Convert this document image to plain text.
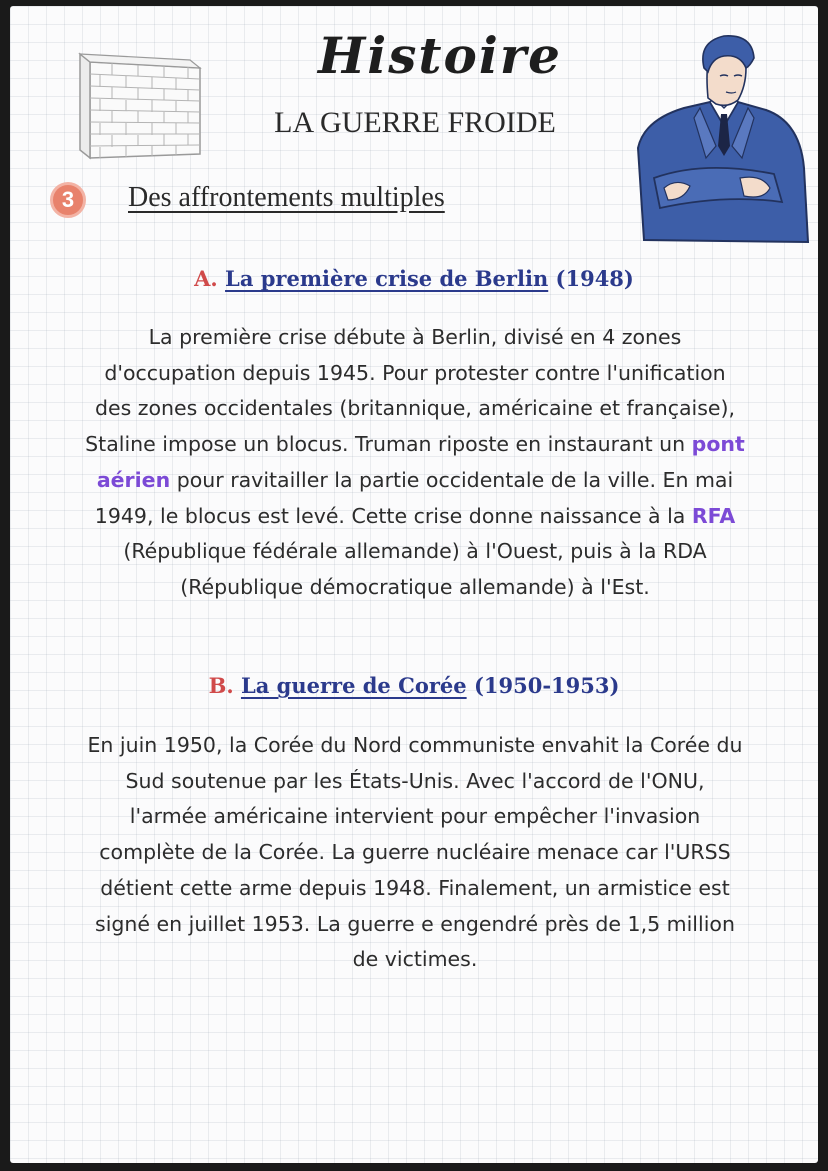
Histoire
LA GUERRE FROIDE
3	Des affrontements multiples
A. La première crise de Berlin (1948)
La première crise débute à Berlin, divisé en 4 zones
d'occupation depuis 1945. Pour protester contre l'unification
des zones occidentales (britannique, américaine et française),
Staline impose un blocus. Truman riposte en instaurant un pont
aérien pour ravitailler la partie occidentale de la ville. En mai
1949, le blocus est levé. Cette crise donne naissance à la RFA
(République fédérale allemande) à l'Ouest, puis à la RDA
(République démocratique allemande) à l'Est.
B. La guerre de Corée (1950-1953)
En juin 1950, la Corée du Nord communiste envahit la Corée du
Sud soutenue par les États-Unis. Avec l'accord de l'ONU,
l'armée américaine intervient pour empêcher l'invasion
complète de la Corée. La guerre nucléaire menace car l'URSS
détient cette arme depuis 1948. Finalement, un armistice est
signé en juillet 1953. La guerre e engendré près de 1,5 million
de victimes.
